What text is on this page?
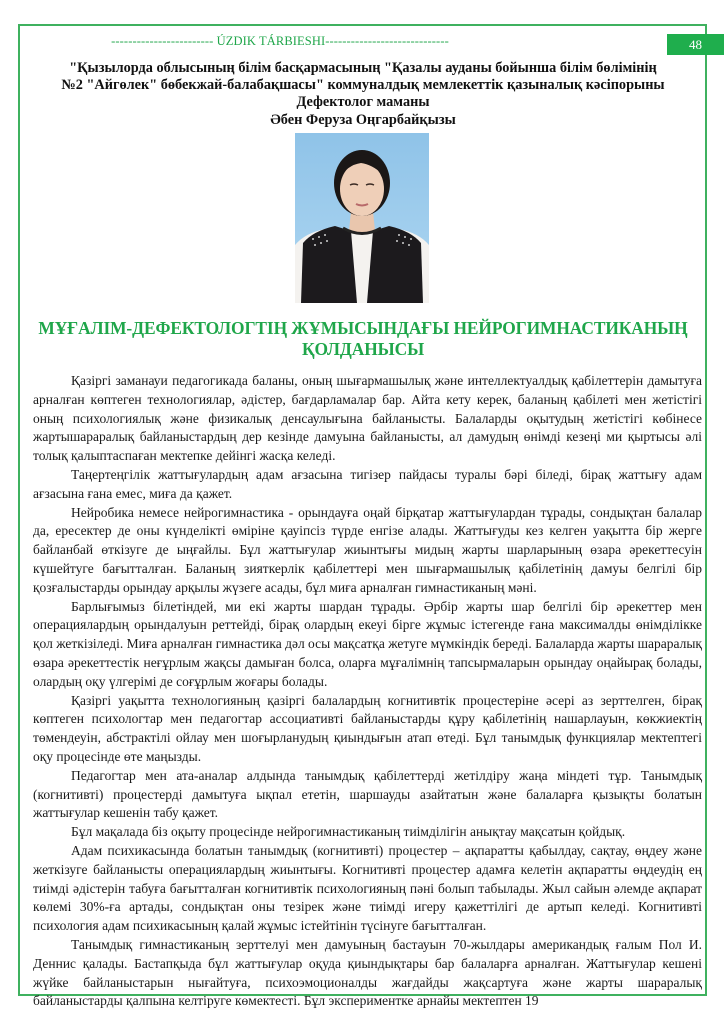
------------------------ ÚZDIK TÁRBIESHI-----------------------------	48
"Қызылорда облысының білім басқармасының "Қазалы ауданы бойынша білім бөлімінің
№2 "Айгөлек" бөбекжай-балабақшасы" коммуналдық мемлекеттік қазыналық кәсіпорыны
Дефектолог маманы
Әбен Феруза Оңгарбайқызы
МҰҒАЛІМ-ДЕФЕКТОЛОГТІҢ ЖҰМЫСЫНДАҒЫ НЕЙРОГИМНАСТИКАНЫҢ ҚОЛДАНЫСЫ

Қазіргі заманауи педагогикада баланы, оның шығармашылық және интеллектуалдық қабілеттерін дамытуға арналған көптеген технологиялар, әдістер, бағдарламалар бар. Айта кету керек, баланың қабілеті мен жетістігі оның психологиялық және физикалық денсаулығына байланысты. Балаларды оқытудың жетістігі көбінесе жартышарaралық байланыстардың дер кезінде дамуына байланысты, ал дамудың өнімді кезеңі ми қыртысы әлі толық қалыптаспаған мектепке дейінгі жасқа келеді.

Таңертеңгілік жаттығулардың адам ағзасына тигізер пайдасы туралы бәрі біледі, бірақ жаттығу адам ағзасына ғана емес, миға да қажет.

Нейробика немесе нейрогимнастика - орындауға оңай бірқатар жаттығулардан тұрады, сондықтан балалар да, ересектер де оны күнделікті өміріне қауіпсіз түрде енгізе алады. Жаттығуды кез келген уақытта бір жерге байланбай өткізуге де ыңғайлы. Бұл жаттығулар жиынтығы мидың жарты шарларының өзара әрекеттесуін күшейтуге бағытталған. Баланың зияткерлік қабілеттері мен шығармашылық қабілетінің дамуы белгілі бір қозғалыстарды орындау арқылы жүзеге асады, бұл миға арналған гимнастиканың мәні.

Барлығымыз білетіндей, ми екі жарты шардан тұрады. Әрбір жарты шар белгілі бір әрекеттер мен операциялардың орындалуын реттейді, бірақ олардың екеуі бірге жұмыс істегенде ғана максималды өнімділікке қол жеткізіледі. Миға арналған гимнастика дәл осы мақсатқа жетуге мүмкіндік береді. Балаларда жарты шарaралық өзара әрекеттестік неғұрлым жақсы дамыған болса, оларға мұғалімнің тапсырмаларын орындау оңайырақ болады, олардың оқу үлгерімі де соғұрлым жоғары болады.

Қазіргі уақытта технологияның қазіргі балалардың когнитивтік процестеріне әсері аз зерттелген, бірақ көптеген психологтар мен педагогтар ассоциативті байланыстарды құру қабілетінің нашарлауын, көкжиектің төмендеуін, абстрактілі ойлау мен шоғырланудың қиындығын атап өтеді. Бұл танымдық функциялар мектептегі оқу процесінде өте маңызды.

Педагогтар мен ата-аналар алдында танымдық қабілеттерді жетілдіру жаңа міндеті тұр. Танымдық (когнитивті) процестерді дамытуға ықпал ететін, шаршауды азайтатын және балаларға қызықты болатын жаттығулар кешенін табу қажет.

Бұл мақалада біз оқыту процесінде нейрогимнастиканың тиімділігін анықтау мақсатын қойдық.

Адам психикасында болатын танымдық (когнитивті) процестер – ақпаратты қабылдау, сақтау, өңдеу және жеткізуге байланысты операциялардың жиынтығы. Когнитивті процестер адамға келетін ақпаратты өңдеудің ең тиімді әдістерін табуға бағытталған когнитивтік психологияның пәні болып табылады. Жыл сайын әлемде ақпарат көлемі 30%-ға артады, сондықтан оны тезірек және тиімді игеру қажеттілігі де артып келеді. Когнитивті психология адам психикасының қалай жұмыс істейтінін түсінуге бағытталған.

Танымдық гимнастиканың зерттелуі мен дамуының бастауын 70-жылдары американдық ғалым Пол И. Деннис қалады. Бастапқыда бұл жаттығулар оқуда қиындықтары бар балаларға арналған. Жаттығулар кешені жүйке байланыстарын нығайтуға, психоэмоционалды жағдайды жақсартуға және жарты шарaралық байланыстарды қалпына келтіруге көмектесті. Бұл экспериментке арнайы мектептен 19
